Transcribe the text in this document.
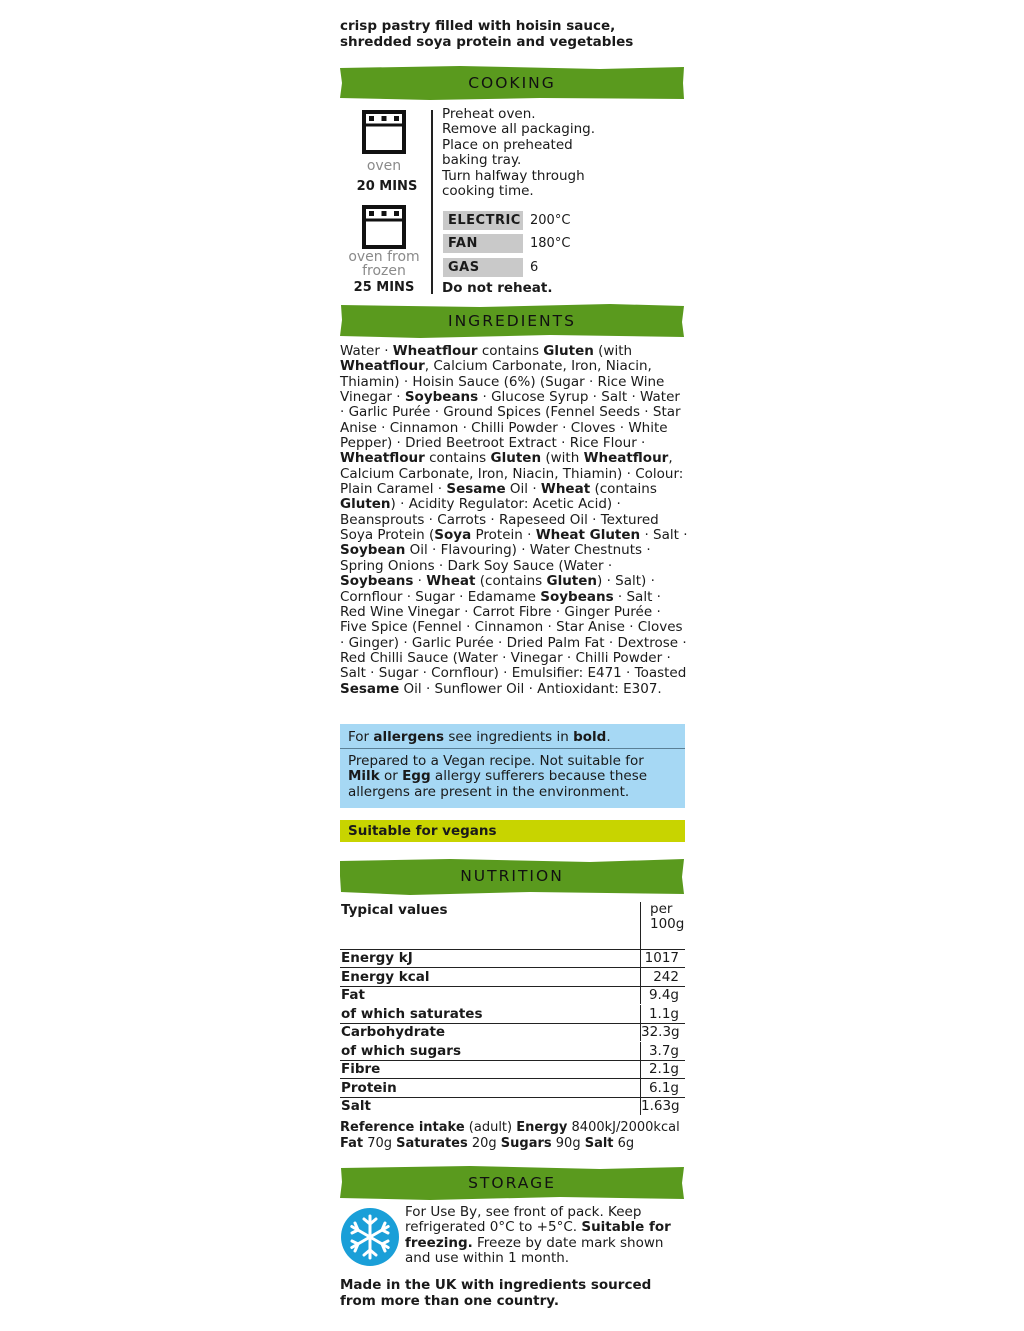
crisp pastry filled with hoisin sauce, shredded soya protein and vegetables
COOKING
oven
20 MINS
oven from
frozen
25 MINS
Preheat oven.
Remove all packaging.
Place on preheated
baking tray.
Turn halfway through
cooking time.
ELECTRIC 200°C
FAN	180°C
GAS	6
Do not reheat.
INGREDIENTS
Water · Wheatflour contains Gluten (with Wheatflour, Calcium Carbonate, Iron, Niacin, Thiamin) · Hoisin Sauce (6%) (Sugar · Rice Wine Vinegar · Soybeans · Glucose Syrup · Salt · Water · Garlic Purée · Ground Spices (Fennel Seeds · Star Anise · Cinnamon · Chilli Powder · Cloves · White Pepper) · Dried Beetroot Extract · Rice Flour · Wheatflour contains Gluten (with Wheatflour, Calcium Carbonate, Iron, Niacin, Thiamin) · Colour: Plain Caramel · Sesame Oil · Wheat (contains Gluten) · Acidity Regulator: Acetic Acid) · Beansprouts · Carrots · Rapeseed Oil · Textured Soya Protein (Soya Protein · Wheat Gluten · Salt · Soybean Oil · Flavouring) · Water Chestnuts · Spring Onions · Dark Soy Sauce (Water · Soybeans · Wheat (contains Gluten) · Salt) · Cornflour · Sugar · Edamame Soybeans · Salt · Red Wine Vinegar · Carrot Fibre · Ginger Purée · Five Spice (Fennel · Cinnamon · Star Anise · Cloves · Ginger) · Garlic Purée · Dried Palm Fat · Dextrose · Red Chilli Sauce (Water · Vinegar · Chilli Powder · Salt · Sugar · Cornflour) · Emulsifier: E471 · Toasted Sesame Oil · Sunflower Oil · Antioxidant: E307.
For allergens see ingredients in bold.
Prepared to a Vegan recipe. Not suitable for Milk or Egg allergy sufferers because these allergens are present in the environment.
Suitable for vegans
NUTRITION
Typical values	per
100g
Energy kJ	1017
Energy kcal	242
Fat	9.4g
of which saturates	1.1g
Carbohydrate	32.3g
of which sugars	3.7g
Fibre	2.1g
Protein	6.1g
Salt	1.63g
Reference intake (adult) Energy 8400kJ/2000kcal Fat 70g Saturates 20g Sugars 90g Salt 6g
STORAGE
For Use By, see front of pack. Keep refrigerated 0°C to +5°C. Suitable for freezing. Freeze by date mark shown and use within 1 month.
Made in the UK with ingredients sourced from more than one country.
